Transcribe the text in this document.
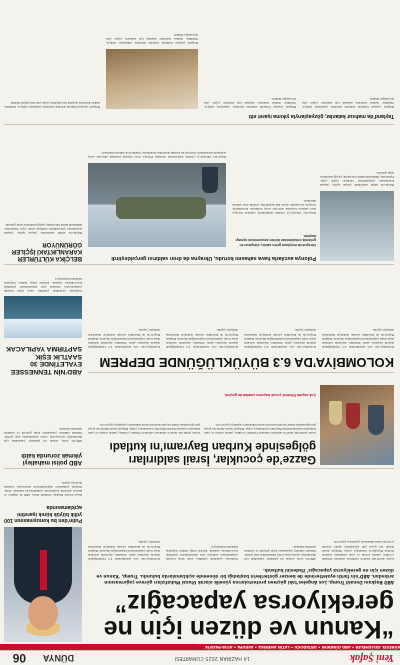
Yeni Şafak
14 HAZİRAN 2025 CUMARTESİ
DÜNYA
06
KÜRESEL GELİŞMELER • ABD GÜNDEMİ • ORTADOĞU • LATİN AMERİKA • AVRUPA • ASYA-PASİFİK
“Kanun ve düzen için ne gerekiyorsa yapacağız”
ABD Başkanı Donald Trump, Los Angeles’taki göçmen protestolarına yönelik olarak Ulusal Muhafızları göreve çağırmasının ardından, ABD’nin farklı eyaletlerinde de benzer gösterilerin başladığı bir dönemde açıklamalarda bulundu. Trump, ‘Kanun ve düzen için ne gerekiyorsa yapacağız’ ifadesini kullandı.
Putin’den bu konuşmasının 100 yıllık büyük kürek işaretini açıklamasında
Rusya Devlet Başkanı Vladimir Putin, ABD ile ilişkiler ve küresel güvenlik konularında açıklamalarda bulundu. Putin, bölgesel gelişmeleri değerlendirerek uluslararası toplumu diyaloğa çağırdı.
Gazze Şeridi’nde İsrail’in saldırıları sürerken Filistinli çocuklar, yıkılan evlerin ve çadır kampların arasında Kurban Bayramı’nı kutlamaya çalıştı. Bölgede insani durum her geçen gün ağırlaşırken aileler bayram sevincini sınırlı imkanlarla yaşatmaya gayret etti.
ABD’de polis, aranan bir şüpheliyi yakalamak için düzenlediği operasyonda evleri kullanılamaz hale getirdi. Mahalle sakinleri yaşananlara tepki gösterdi ve tazminat talebinde bulundu.
Tennessee eyaletinde yetkililer, uzun süren hazırlık çalışmalarının ardından yeni düzenlemeleri yürürlüğe koyacaklarını açıkladı. Kararın bölge halkını doğrudan etkilemesi bekleniyor.
Kolombiya’nın orta kesimlerinde 6.3 büyüklüğünde deprem meydana geldi. Yetkililer, depremin ardından hasar tespit çalışmalarının başlatıldığını duyurdu. Başkent Bogota’da da hissedilen sarsıntı nedeniyle binalardan tahliyeler yapıldı.
ABD polisi mahalleyi yıkmak zorunda kaldı
ABD’de polis, aranan bir şüpheliyi yakalamak için düzenlediği operasyonda evleri kullanılamaz hale getirdi. Mahalle sakinleri yaşananlara tepki gösterdi ve tazminat talebinde bulundu.
Gazze’de çocuklar, İsrail saldırıları gölgesinde Kurban Bayramı’nı kutladı
Gazze Şeridi’nde İsrail’in saldırıları sürerken Filistinli çocuklar, yıkılan evlerin ve çadır kampların arasında Kurban Bayramı’nı kutlamaya çalıştı. Bölgede insani durum her geçen gün ağırlaşırken aileler bayram sevincini sınırlı imkanlarla yaşatmaya gayret etti.
Gazze Şeridi’nde İsrail’in saldırıları sürerken Filistinli çocuklar, yıkılan evlerin ve çadır kampların arasında Kurban Bayramı’nı kutlamaya çalıştı. Bölgede insani durum her geçen gün ağırlaşırken aileler bayram sevincini sınırlı imkanlarla yaşatmaya gayret etti.
Çok sayıda Filistinli çocuk bayramı çadırlarda geçirdi.
ABD’NİN TENNESSEE EYALETİNDE 30 SAATLİK EŞİK SAPTIRMA YAPILACAK
Tennessee eyaletinde yetkililer, uzun süren hazırlık çalışmalarının ardından yeni düzenlemeleri yürürlüğe koyacaklarını açıkladı. Kararın bölge halkını doğrudan etkilemesi bekleniyor.
KOLOMBİYA’DA 6.3 BÜYÜKLÜĞÜNDE DEPREM
Kolombiya’nın orta kesimlerinde 6.3 büyüklüğünde deprem meydana geldi. Yetkililer, depremin ardından hasar tespit çalışmalarının başlatıldığını duyurdu. Başkent Bogota’da da hissedilen sarsıntı nedeniyle binalardan tahliyeler yapıldı.
Kolombiya’nın orta kesimlerinde 6.3 büyüklüğünde deprem meydana geldi. Yetkililer, depremin ardından hasar tespit çalışmalarının başlatıldığını duyurdu. Başkent Bogota’da da hissedilen sarsıntı nedeniyle binalardan tahliyeler yapıldı.
Kolombiya’nın orta kesimlerinde 6.3 büyüklüğünde deprem meydana geldi. Yetkililer, depremin ardından hasar tespit çalışmalarının başlatıldığını duyurdu. Başkent Bogota’da da hissedilen sarsıntı nedeniyle binalardan tahliyeler yapıldı.
Kolombiya’nın orta kesimlerinde 6.3 büyüklüğünde deprem meydana geldi. Yetkililer, depremin ardından hasar tespit çalışmalarının başlatıldığını duyurdu. Başkent Bogota’da da hissedilen sarsıntı nedeniyle binalardan tahliyeler yapıldı.
BELÇİKA KÜLTÜRLER KARANLIKTAKİ İŞÇİLER GÖRÜNÜYOR
Belçika’da kültür sektöründe çalışan işçiler, çalışma koşullarının iyileştirilmesi talebiyle eylem yaptı. Eylemciler, hükümetin kültür bütçesinde yaptığı kesintilere tepki gösterdi.
Polonya avcılarla hava sahasını korudu, Ukrayna da dron saldırısı gerçekleştirdi
Ukrayna’da meydana gelen saldırı, dünyanın en gelişmiş ordularından birinin savunmasını aşmayı başardı.
Rusya’nın Ukrayna’ya yönelik saldırılarının ardından Polonya, hava sahasını korumak amacıyla savaş uçaklarını havalandırdı. Ukrayna ise karşılık olarak Rus hedeflerine yönelik dron saldırısı düzenledi.
Rusya’nın Ukrayna’ya yönelik saldırılarının ardından Polonya, hava sahasını korumak amacıyla savaş uçaklarını havalandırdı. Ukrayna ise karşılık olarak Rus hedeflerine yönelik dron saldırısı düzenledi.
Belçika’da kültür sektöründe çalışan işçiler, çalışma koşullarının iyileştirilmesi talebiyle eylem yaptı. Eylemciler, hükümetin kültür bütçesinde yaptığı kesintilere tepki gösterdi.
Tayland’da mahsur kalanlar, gözyaşlarıyla yıkıma işaret etti
Bölgede yaşanan felaketin ardından kurtarma çalışmaları sürüyor. Yetkililer, mahsur kalanlara ulaşmak için ekiplerin yoğun çaba harcadığını bildirdi.
Bölgede yaşanan felaketin ardından kurtarma çalışmaları sürüyor. Yetkililer, mahsur kalanlara ulaşmak için ekiplerin yoğun çaba harcadığını bildirdi.
Bölgede yaşanan felaketin ardından kurtarma çalışmaları sürüyor. Yetkililer, mahsur kalanlara ulaşmak için ekiplerin yoğun çaba harcadığını bildirdi.
Bölgede yaşanan felaketin ardından kurtarma çalışmaları sürüyor. Yetkililer, mahsur kalanlara ulaşmak için ekiplerin yoğun çaba harcadığını bildirdi.
